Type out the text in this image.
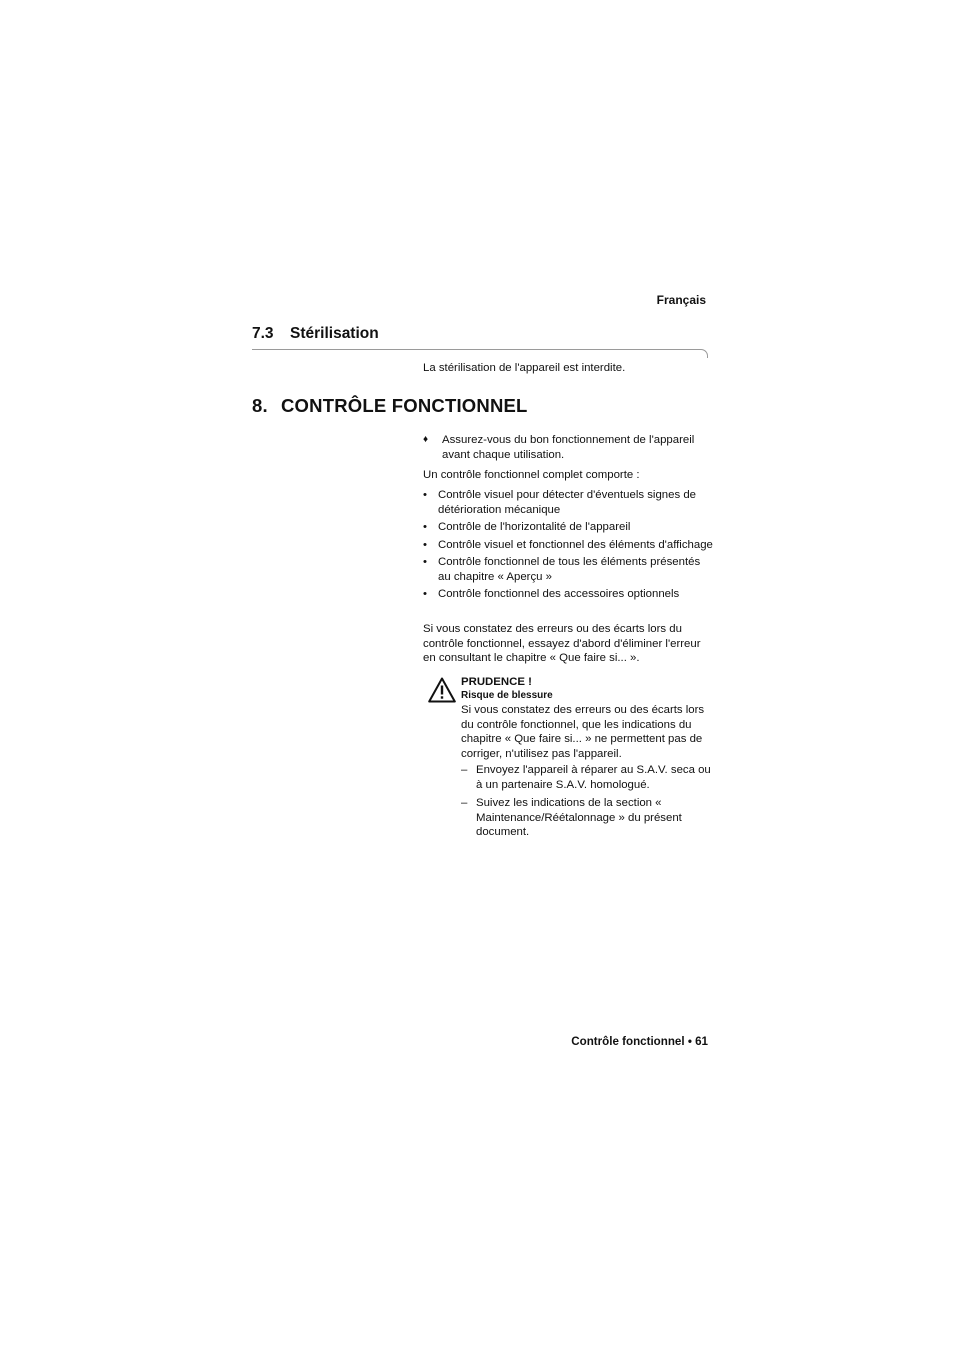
Français
7.3 Stérilisation
La stérilisation de l'appareil est interdite.
8. CONTRÔLE FONCTIONNEL
♦	Assurez-vous du bon fonctionnement de l'appareil avant chaque utilisation.
Un contrôle fonctionnel complet comporte :
• Contrôle visuel pour détecter d'éventuels signes de détérioration mécanique
• Contrôle de l'horizontalité de l'appareil
• Contrôle visuel et fonctionnel des éléments d'affichage
• Contrôle fonctionnel de tous les éléments présentés au chapitre « Aperçu »
• Contrôle fonctionnel des accessoires optionnels
Si vous constatez des erreurs ou des écarts lors du contrôle fonctionnel, essayez d'abord d'éliminer l'erreur en consultant le chapitre « Que faire si... ».
PRUDENCE !
Risque de blessure
Si vous constatez des erreurs ou des écarts lors du contrôle fonctionnel, que les indications du chapitre « Que faire si... » ne permettent pas de corriger, n'utilisez pas l'appareil.
– Envoyez l'appareil à réparer au S.A.V. seca ou à un partenaire S.A.V. homologué.
– Suivez les indications de la section « Maintenance/Réétalonnage » du présent document.
Contrôle fonctionnel • 61
